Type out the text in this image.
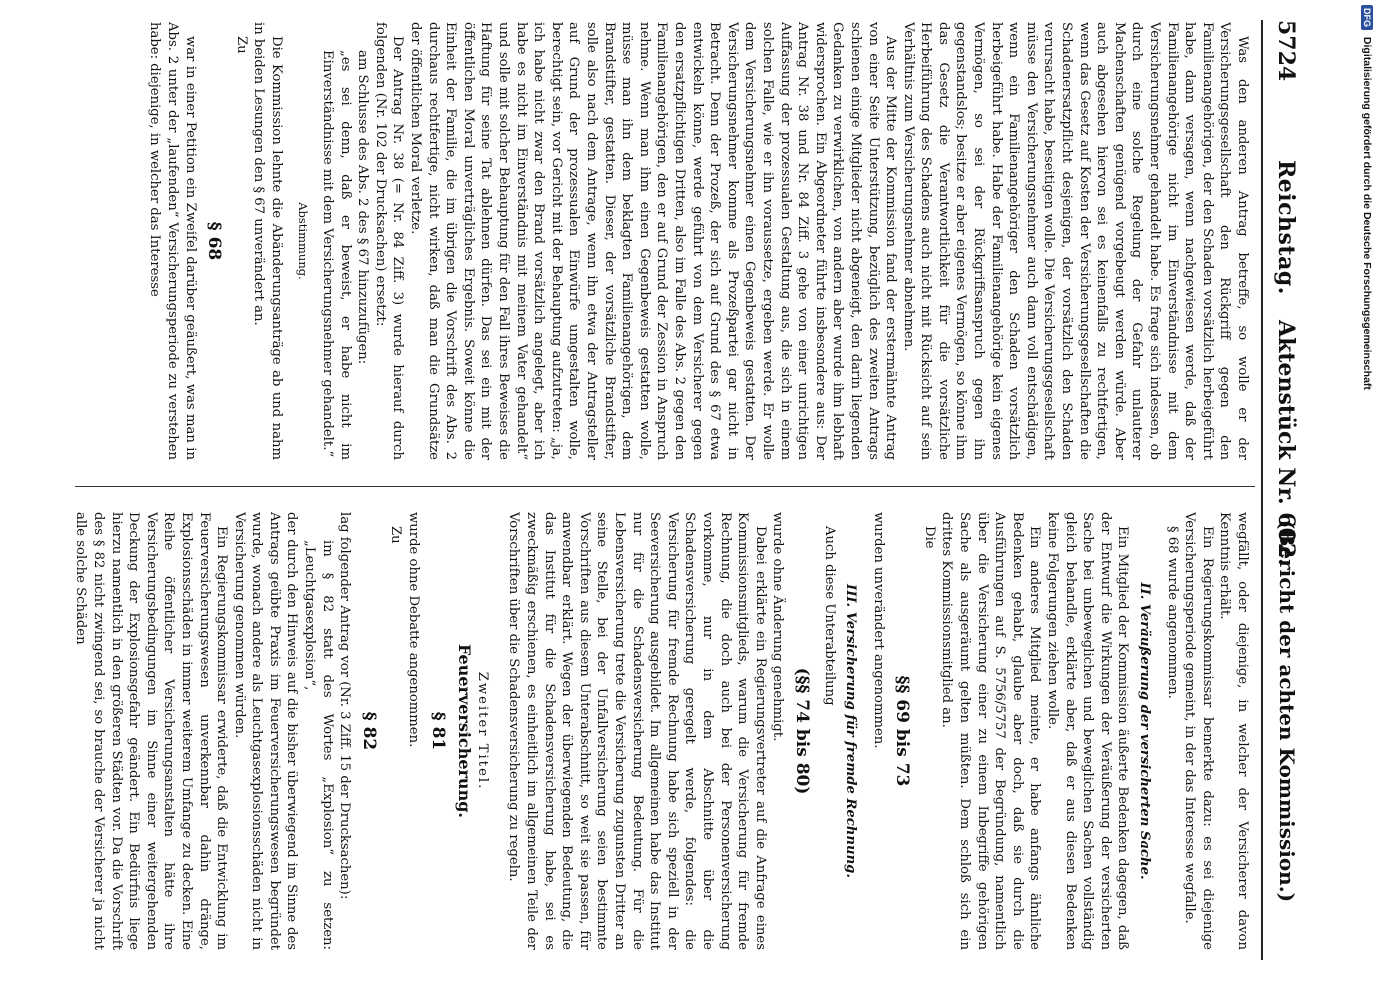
5724
Reichstag.
Aktenstück Nr. 602.
(Bericht der achten Kommission.)

Was den anderen Antrag betreffe, so wolle er der Versicherungsgesellschaft den Rückgriff gegen den Familienangehörigen, der den Schaden vorsätzlich herbeigeführt habe, dann versagen, wenn nachgewiesen werde, daß der Familienangehörige nicht im Einverständnisse mit dem Versicherungsnehmer gehandelt habe. Es frage sich indessen, ob durch eine solche Regelung der Gefahr unlauterer Machenschaften genügend vorgebeugt werden würde. Aber auch abgesehen hiervon sei es keinenfalls zu rechtfertigen, wenn das Gesetz auf Kosten der Versicherungsgesellschaften die Schadenersatzpflicht desjenigen, der vorsätzlich den Schaden verursacht habe, beseitigen wolle. Die Versicherungsgesellschaft müsse den Versicherungsnehmer auch dann voll entschädigen, wenn ein Familienangehöriger den Schaden vorsätzlich herbeigeführt habe. Habe der Familienangehörige kein eigenes Vermögen, so sei der Rückgriffsanspruch gegen ihn gegenstandslos; besitze er aber eigenes Vermögen, so könne ihm das Gesetz die Verantwortlichkeit für die vorsätzliche Herbeiführung des Schadens auch nicht mit Rücksicht auf sein Verhältnis zum Versicherungsnehmer abnehmen.

Aus der Mitte der Kommission fand der erstermähnte Antrag von einer Seite Unterstützung, bezüglich des zweiten Antrags schienen einige Mitglieder nicht abgeneigt, den darin liegenden Gedanken zu verwirklichen, von andern aber wurde ihm lebhaft widersprochen. Ein Abgeordneter führte insbesondere aus: Der Antrag Nr. 38 und Nr. 84 Ziff. 3 gehe von einer unrichtigen Auffassung der prozessualen Gestaltung aus, die sich in einem solchen Falle, wie er ihn voraussetze, ergeben werde. Er wolle dem Versicherungsnehmer einen Gegenbeweis gestatten. Der Versicherungsnehmer komme als Prozeßpartei gar nicht in Betracht. Denn der Prozeß, der sich auf Grund des § 67 etwa entwickeln könne, werde geführt von dem Versicherer gegen den ersatzpflichtigen Dritten, also im Falle des Abs. 2 gegen den Familienangehörigen, den er auf Grund der Zession in Anspruch nehme. Wenn man ihm einen Gegenbeweis gestatten wolle, müsse man ihn dem beklagten Familienangehörigen, dem Brandstifter, gestatten. Dieser, der vorsätzliche Brandstifter, solle also nach dem Antrage, wenn ihn etwa der Antragsteller auf Grund der prozessualen Einwürfe umgestalten wolle, berechtigt sein, vor Gericht mit der Behauptung aufzutreten: „ja, ich habe nicht zwar den Brand vorsätzlich angelegt, aber ich habe es nicht im Einverständnis mit meinem Vater gehandelt“ und solle mit solcher Behauptung für den Fall ihres Beweises die Haftung für seine Tat ablehnen dürfen. Das sei ein mit der öffentlichen Moral unverträgliches Ergebnis. Soweit könne die Einheit der Familie, die im übrigen die Vorschrift des Abs. 2 durchaus rechtfertige, nicht wirken, daß man die Grundsätze der öffentlichen Moral verletze.

Der Antrag Nr. 38 (= Nr. 84 Ziff. 3) wurde hierauf durch folgenden (Nr. 102 der Drucksachen) ersetzt:

am Schlusse des Abs. 2 des § 67 hinzuzufügen:

„es sei denn, daß er beweist, er habe nicht im Einverständnisse mit dem Versicherungsnehmer gehandelt.“

Abstimmung.

Die Kommission lehnte die Abänderungsanträge ab und nahm in beiden Lesungen den § 67 unverändert an.

Zu

§ 68

war in einer Petition ein Zweifel darüber geäußert, was man in Abs. 2 unter der „laufenden“ Versicherungsperiode zu verstehen habe: diejenige, in welcher das Interesse

wegfällt, oder diejenige, in welcher der Versicherer davon Kenntnis erhält.

Ein Regierungskommissar bemerkte dazu: es sei diejenige Versicherungsperiode gemeint, in der das Interesse wegfalle.

§ 68 wurde angenommen.

II. Veräußerung der versicherten Sache.

Ein Mitglied der Kommission äußerte Bedenken dagegen, daß der Entwurf die Wirkungen der Veräußerung der versicherten Sache bei unbeweglichen und beweglichen Sachen vollständig gleich behandle, erklärte aber, daß er aus diesen Bedenken keine Folgerungen ziehen wolle.

Ein anderes Mitglied meinte, er habe anfangs ähnliche Bedenken gehabt, glaube aber doch, daß sie durch die Ausführungen auf S. 5756/5757 der Begründung, namentlich über die Versicherung einer zu einem Inbegriffe gehörigen Sache als ausgeräumt gelten müßten. Dem schloß sich ein drittes Kommissionsmitglied an.

Die

§§ 69 bis 73

wurden unverändert angenommen.

III. Versicherung für fremde Rechnung.

Auch diese Unterabteilung

(§§ 74 bis 80)

wurde ohne Änderung genehmigt.

Dabei erklärte ein Regierungsvertreter auf die Anfrage eines Kommissionsmitglieds, warum die Versicherung für fremde Rechnung, die doch auch bei der Personenversicherung vorkomme, nur in dem Abschnitte über die Schadensversicherung geregelt werde, folgendes: die Versicherung für fremde Rechnung habe sich speziell in der Seeversicherung ausgebildet. Im allgemeinen habe das Institut nur für die Schadensversicherung Bedeutung. Für die Lebensversicherung trete die Versicherung zugunsten Dritter an seine Stelle, bei der Unfallversicherung seien bestimmte Vorschriften aus diesem Unterabschnitt, so weit sie passen, für anwendbar erklärt. Wegen der überwiegenden Bedeutung, die das Institut für die Schadensversicherung habe, sei es zweckmäßig erschienen, es einheitlich im allgemeinen Teile der Vorschriften über die Schadensversicherung zu regeln.

Zweiter Titel.

Feuerversicherung.

§ 81

wurde ohne Debatte angenommen.

Zu

§ 82

lag folgender Antrag vor (Nr. 3 Ziff. 15 der Drucksachen):

im § 82 statt des Wortes „Explosion“ zu setzen: „Leuchtgasexplosion“,

der durch den Hinweis auf die bisher überwiegend im Sinne des Antrags geübte Praxis im Feuerversicherungswesen begründet wurde, wonach andere als Leuchtgasexplosionsschäden nicht in Versicherung genommen würden.

Ein Regierungskommissar erwiderte, daß die Entwicklung im Feuerversicherungswesen unverkennbar dahin dränge, Explosionsschäden in immer weiterem Umfange zu decken. Eine Reihe öffentlicher Versicherungsanstalten hätte ihre Versicherungsbedingungen im Sinne einer weitergehenden Deckung der Explosionsgefahr geändert. Ein Bedürfnis liege hierzu namentlich in den größeren Städten vor. Da die Vorschrift des § 82 nicht zwingend sei, so brauche der Versicherer ja nicht alle solche Schäden

DFG Digitalisierung gefördert durch die Deutsche Forschungsgemeinschaft
